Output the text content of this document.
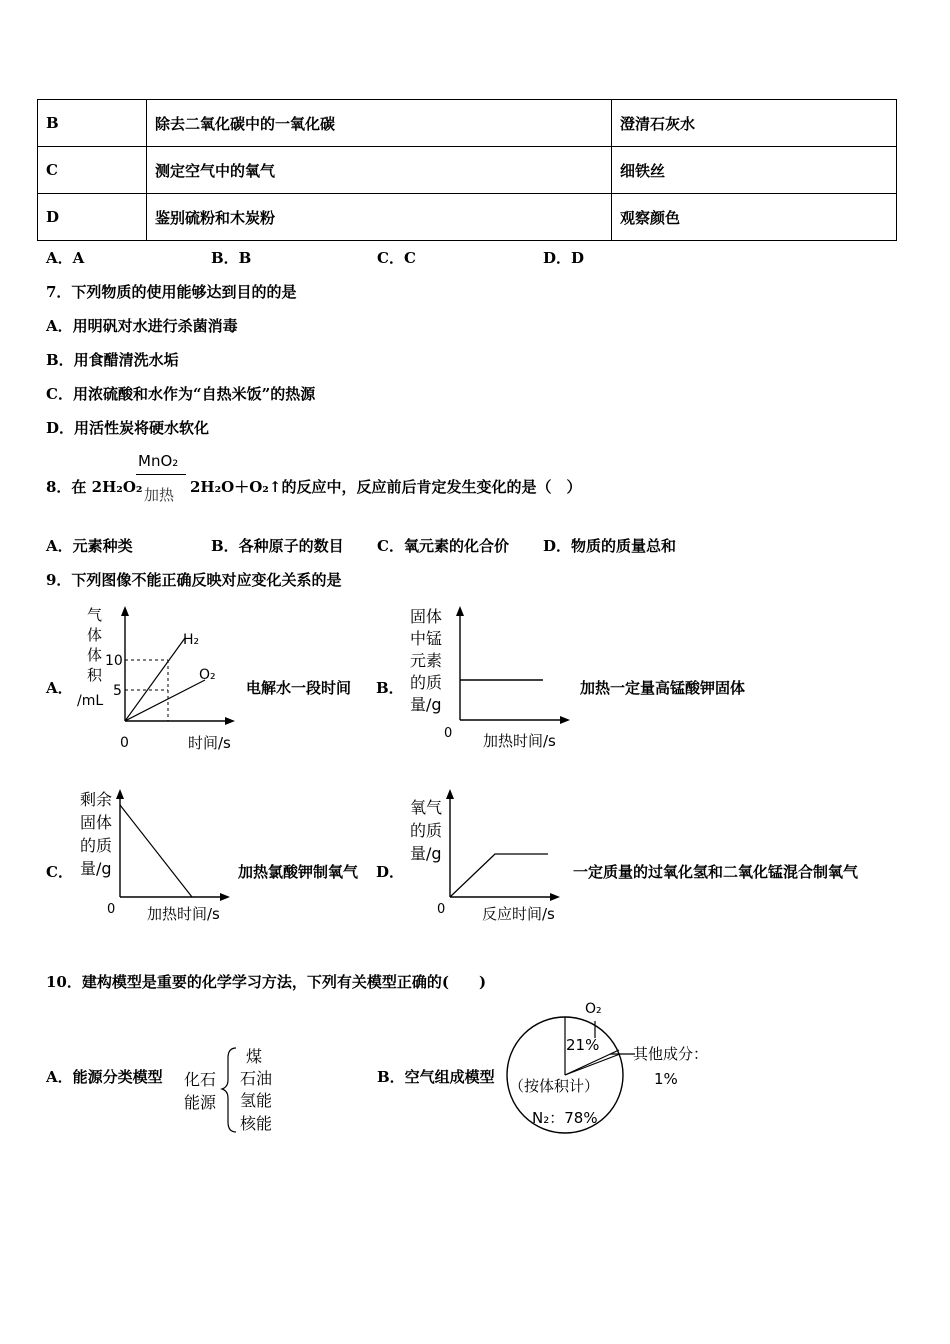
B	除去二氧化碳中的一氧化碳	澄清石灰水
C	测定空气中的氧气	细铁丝
D	鉴别硫粉和木炭粉	观察颜色
A．A	B．B	C．C	D．D
7．下列物质的使用能够达到目的的是
A．用明矾对水进行杀菌消毒
B．用食醋清洗水垢
C．用浓硫酸和水作为“自热米饭”的热源
D．用活性炭将硬水软化
8．在 2H₂O₂
MnO₂
加热 2H₂O＋O₂↑的反应中，反应前后肯定发生变化的是（　）
A．元素种类	B．各种原子的数目 C．氧元素的化合价 D．物质的质量总和
9．下列图像不能正确反映对应变化关系的是
A．
气
体
体
积
/mL
H₂
O₂
10
5
0	时间/s
电解水一段时间 B．
固体
中锰
元素
的质
量/g
0 加热时间/s
加热一定量高锰酸钾固体
C．
剩余
固体
的质
量/g
0 加热时间/s
加热氯酸钾制氧气 D．
氧气
的质
量/g
0 反应时间/s
一定质量的过氧化氢和二氧化锰混合制氧气
10．建构模型是重要的化学学习方法，下列有关模型正确的(　　)
A．能源分类模型 化石
能源
煤
石油
氢能
核能
B．空气组成模型
O₂
21% 其他成分：
1%
（按体积计）
N₂：78%
